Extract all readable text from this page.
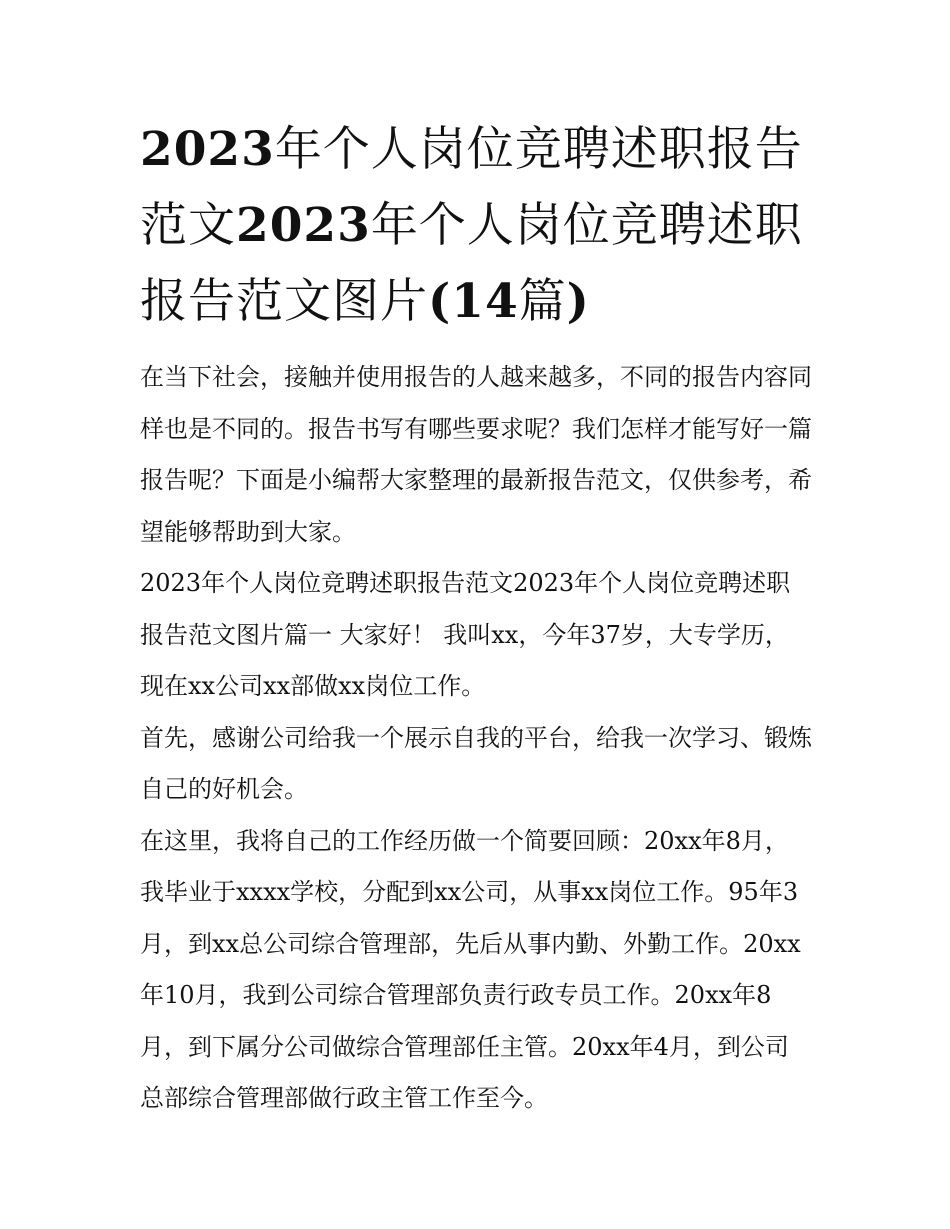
2023年个人岗位竞聘述职报告范文2023年个人岗位竞聘述职报告范文图片(14篇)

在当下社会，接触并使用报告的人越来越多，不同的报告内容同样也是不同的。报告书写有哪些要求呢？我们怎样才能写好一篇报告呢？下面是小编帮大家整理的最新报告范文，仅供参考，希望能够帮助到大家。

2023年个人岗位竞聘述职报告范文2023年个人岗位竞聘述职报告范文图片篇一 大家好！ 我叫xx，今年37岁，大专学历，现在xx公司xx部做xx岗位工作。

首先，感谢公司给我一个展示自我的平台，给我一次学习、锻炼自己的好机会。

在这里，我将自己的工作经历做一个简要回顾：20xx年8月，我毕业于xxxx学校，分配到xx公司，从事xx岗位工作。95年3月，到xx总公司综合管理部，先后从事内勤、外勤工作。20xx年10月，我到公司综合管理部负责行政专员工作。20xx年8月，到下属分公司做综合管理部任主管。20xx年4月，到公司总部综合管理部做行政主管工作至今。
